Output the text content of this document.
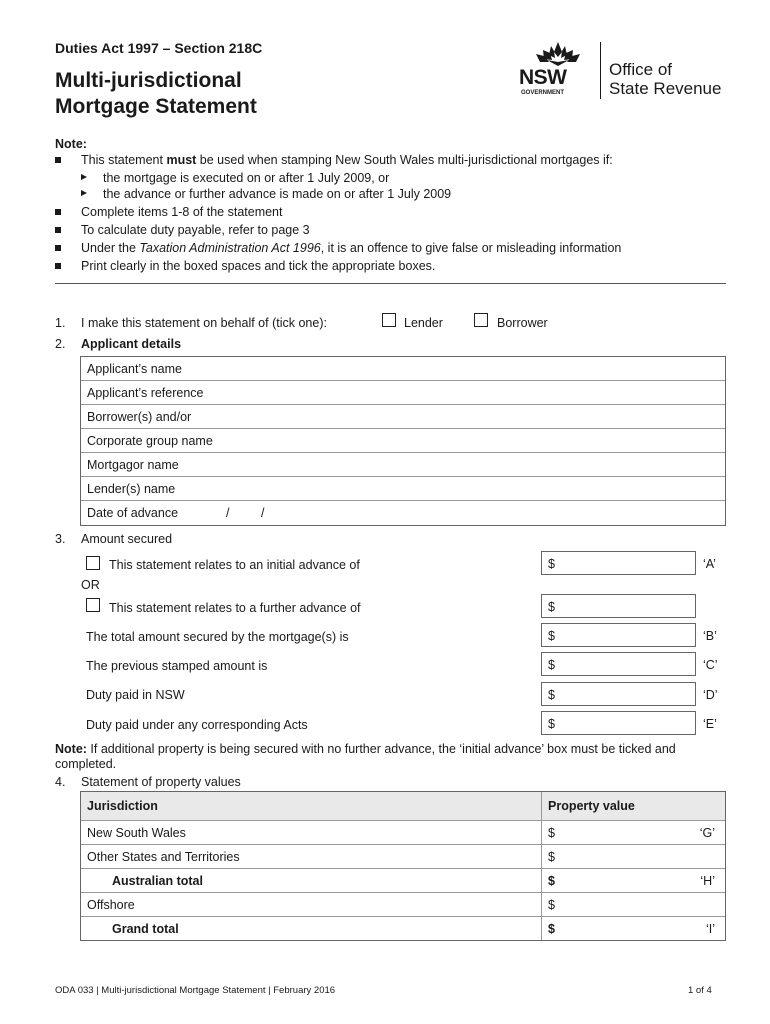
Duties Act 1997 – Section 218C
Multi-jurisdictional
Mortgage Statement
NSW
GOVERNMENT
Office of
State Revenue
Note:
This statement must be used when stamping New South Wales multi-jurisdictional mortgages if:
the mortgage is executed on or after 1 July 2009, or
the advance or further advance is made on or after 1 July 2009
Complete items 1-8 of the statement
To calculate duty payable, refer to page 3
Under the Taxation Administration Act 1996, it is an offence to give false or misleading information
Print clearly in the boxed spaces and tick the appropriate boxes.
1. I make this statement on behalf of (tick one):	Lender	Borrower
2. Applicant details
Applicant’s name
Applicant’s reference
Borrower(s) and/or
Corporate group name
Mortgagor name
Lender(s) name
Date of advance	/	/
3. Amount secured
This statement relates to an initial advance of	$	‘A’
OR
This statement relates to a further advance of	$
The total amount secured by the mortgage(s) is	$	‘B’
The previous stamped amount is	$	‘C’
Duty paid in NSW	$	‘D’
Duty paid under any corresponding Acts	$	‘E’
Note: If additional property is being secured with no further advance, the ‘initial advance’ box must be ticked and
completed.
4. Statement of property values
Jurisdiction	Property value
New South Wales	$	‘G’
Other States and Territories	$
Australian total	$	‘H’
Offshore	$
Grand total	$	‘I’
ODA 033 | Multi-jurisdictional Mortgage Statement | February 2016	1 of 4
